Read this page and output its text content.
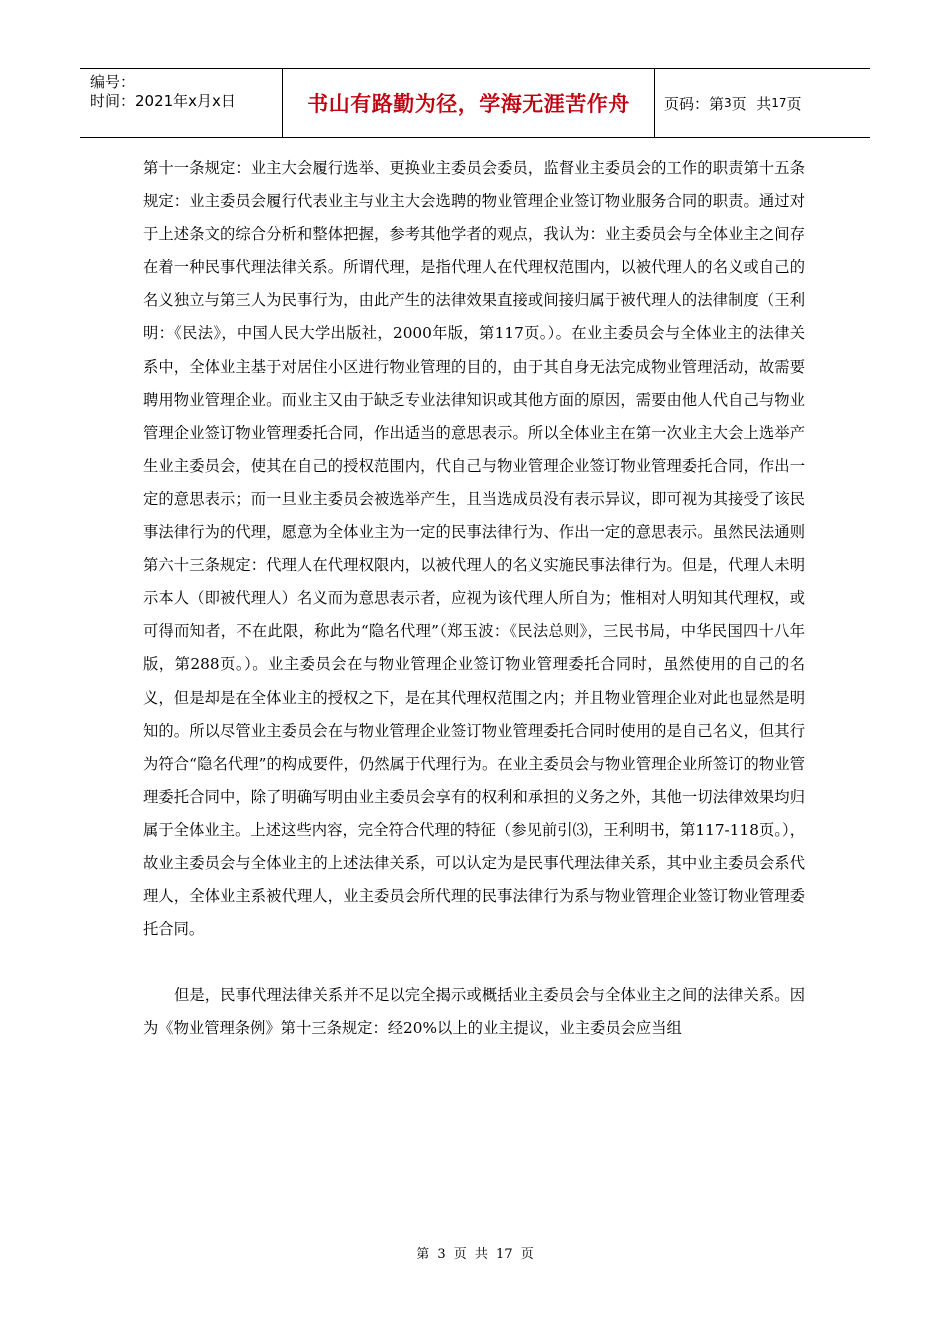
编号：
时间：2021年x月x日	书山有路勤为径，学海无涯苦作舟	页码：第 3 页  共 17 页

第十一条规定：业主大会履行选举、更换业主委员会委员，监督业主委员会的工作的职责第十五条规定：业主委员会履行代表业主与业主大会选聘的物业管理企业签订物业服务合同的职责。通过对于上述条文的综合分析和整体把握，参考其他学者的观点，我认为：业主委员会与全体业主之间存在着一种民事代理法律关系。所谓代理，是指代理人在代理权范围内，以被代理人的名义或自己的名义独立与第三人为民事行为，由此产生的法律效果直接或间接归属于被代理人的法律制度（王利明：《民法》，中国人民大学出版社，2000年版，第117页。）。在业主委员会与全体业主的法律关系中，全体业主基于对居住小区进行物业管理的目的，由于其自身无法完成物业管理活动，故需要聘用物业管理企业。而业主又由于缺乏专业法律知识或其他方面的原因，需要由他人代自己与物业管理企业签订物业管理委托合同，作出适当的意思表示。所以全体业主在第一次业主大会上选举产生业主委员会，使其在自己的授权范围内，代自己与物业管理企业签订物业管理委托合同，作出一定的意思表示；而一旦业主委员会被选举产生，且当选成员没有表示异议，即可视为其接受了该民事法律行为的代理，愿意为全体业主为一定的民事法律行为、作出一定的意思表示。虽然民法通则第六十三条规定：代理人在代理权限内，以被代理人的名义实施民事法律行为。但是，代理人未明示本人（即被代理人）名义而为意思表示者，应视为该代理人所自为；惟相对人明知其代理权，或可得而知者，不在此限，称此为“隐名代理”（郑玉波：《民法总则》，三民书局，中华民国四十八年版，第288页。）。业主委员会在与物业管理企业签订物业管理委托合同时，虽然使用的自己的名义，但是却是在全体业主的授权之下，是在其代理权范围之内；并且物业管理企业对此也显然是明知的。所以尽管业主委员会在与物业管理企业签订物业管理委托合同时使用的是自己名义，但其行为符合“隐名代理”的构成要件，仍然属于代理行为。在业主委员会与物业管理企业所签订的物业管理委托合同中，除了明确写明由业主委员会享有的权利和承担的义务之外，其他一切法律效果均归属于全体业主。上述这些内容，完全符合代理的特征（参见前引⑶，王利明书，第117-118页。），故业主委员会与全体业主的上述法律关系，可以认定为是民事代理法律关系，其中业主委员会系代理人，全体业主系被代理人，业主委员会所代理的民事法律行为系与物业管理企业签订物业管理委托合同。

但是，民事代理法律关系并不足以完全揭示或概括业主委员会与全体业主之间的法律关系。因为《物业管理条例》第十三条规定：经20%以上的业主提议，业主委员会应当组

第 3 页 共 17 页
